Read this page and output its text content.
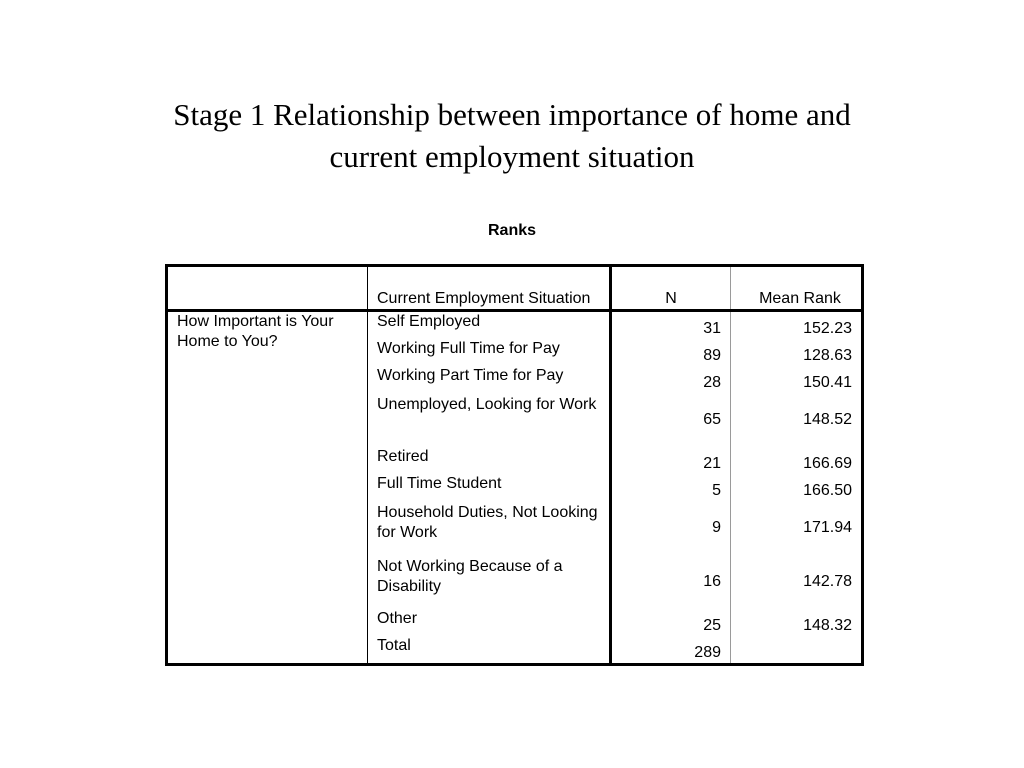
Stage 1 Relationship between importance of home and
current employment situation
Ranks
	Current Employment Situation	N	Mean Rank

How Important is Your Home to You?	Self Employed	31	152.23
	Working Full Time for Pay	89	128.63
	Working Part Time for Pay	28	150.41
	Unemployed, Looking for Work	65	148.52
	Retired	21	166.69
	Full Time Student	5	166.50
	Household Duties, Not Looking for Work	9	171.94
	Not Working Because of a Disability	16	142.78
	Other	25	148.32
	Total	289	
